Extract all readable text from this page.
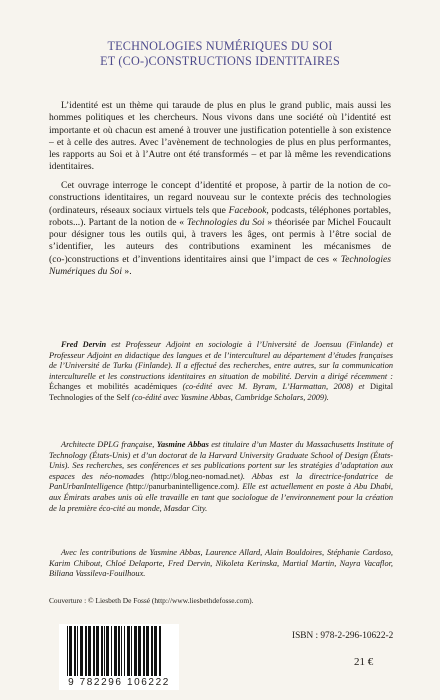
TECHNOLOGIES NUMÉRIQUES DU SOI
ET (CO-)CONSTRUCTIONS IDENTITAIRES
L’identité est un thème qui taraude de plus en plus le grand public, mais aussi les hommes politiques et les chercheurs. Nous vivons dans une société où l’identité est importante et où chacun est amené à trouver une justification potentielle à son existence – et à celle des autres. Avec l’avènement de technologies de plus en plus performantes, les rapports au Soi et à l’Autre ont été transformés – et par là même les revendications identitaires.
Cet ouvrage interroge le concept d’identité et propose, à partir de la notion de co-constructions identitaires, un regard nouveau sur le contexte précis des technologies (ordinateurs, réseaux sociaux virtuels tels que Facebook, podcasts, téléphones portables, robots...). Partant de la notion de « Technologies du Soi » théorisée par Michel Foucault pour désigner tous les outils qui, à travers les âges, ont permis à l’être social de s’identifier, les auteurs des contributions examinent les mécanismes de (co-)constructions et d’inventions identitaires ainsi que l’impact de ces « Technologies Numériques du Soi ».
Fred Dervin est Professeur Adjoint en sociologie à l’Université de Joensuu (Finlande) et Professeur Adjoint en didactique des langues et de l’interculturel au département d’études françaises de l’Université de Turku (Finlande). Il a effectué des recherches, entre autres, sur la communication interculturelle et les constructions identitaires en situation de mobilité. Dervin a dirigé récemment : Échanges et mobilités académiques (co-édité avec M. Byram, L’Harmattan, 2008) et Digital Technologies of the Self (co-édité avec Yasmine Abbas, Cambridge Scholars, 2009).
Architecte DPLG française, Yasmine Abbas est titulaire d’un Master du Massachusetts Institute of Technology (États-Unis) et d’un doctorat de la Harvard University Graduate School of Design (États-Unis). Ses recherches, ses conférences et ses publications portent sur les stratégies d’adaptation aux espaces des néo-nomades (http://blog.neo-nomad.net). Abbas est la directrice-fondatrice de PanUrbanIntelligence (http://panurbanintelligence.com). Elle est actuellement en poste à Abu Dhabi, aux Émirats arabes unis où elle travaille en tant que sociologue de l’environnement pour la création de la première éco-cité au monde, Masdar City.
Avec les contributions de Yasmine Abbas, Laurence Allard, Alain Bouldoires, Stéphanie Cardoso, Karim Chibout, Chloé Delaporte, Fred Dervin, Nikoleta Kerinska, Martial Martin, Nayra Vacaflor, Biliana Vassileva-Fouilhoux.
Couverture : © Liesbeth De Fossé (http://www.liesbethdefosse.com).
9 782296 106222
ISBN : 978-2-296-10622-2
21 €
